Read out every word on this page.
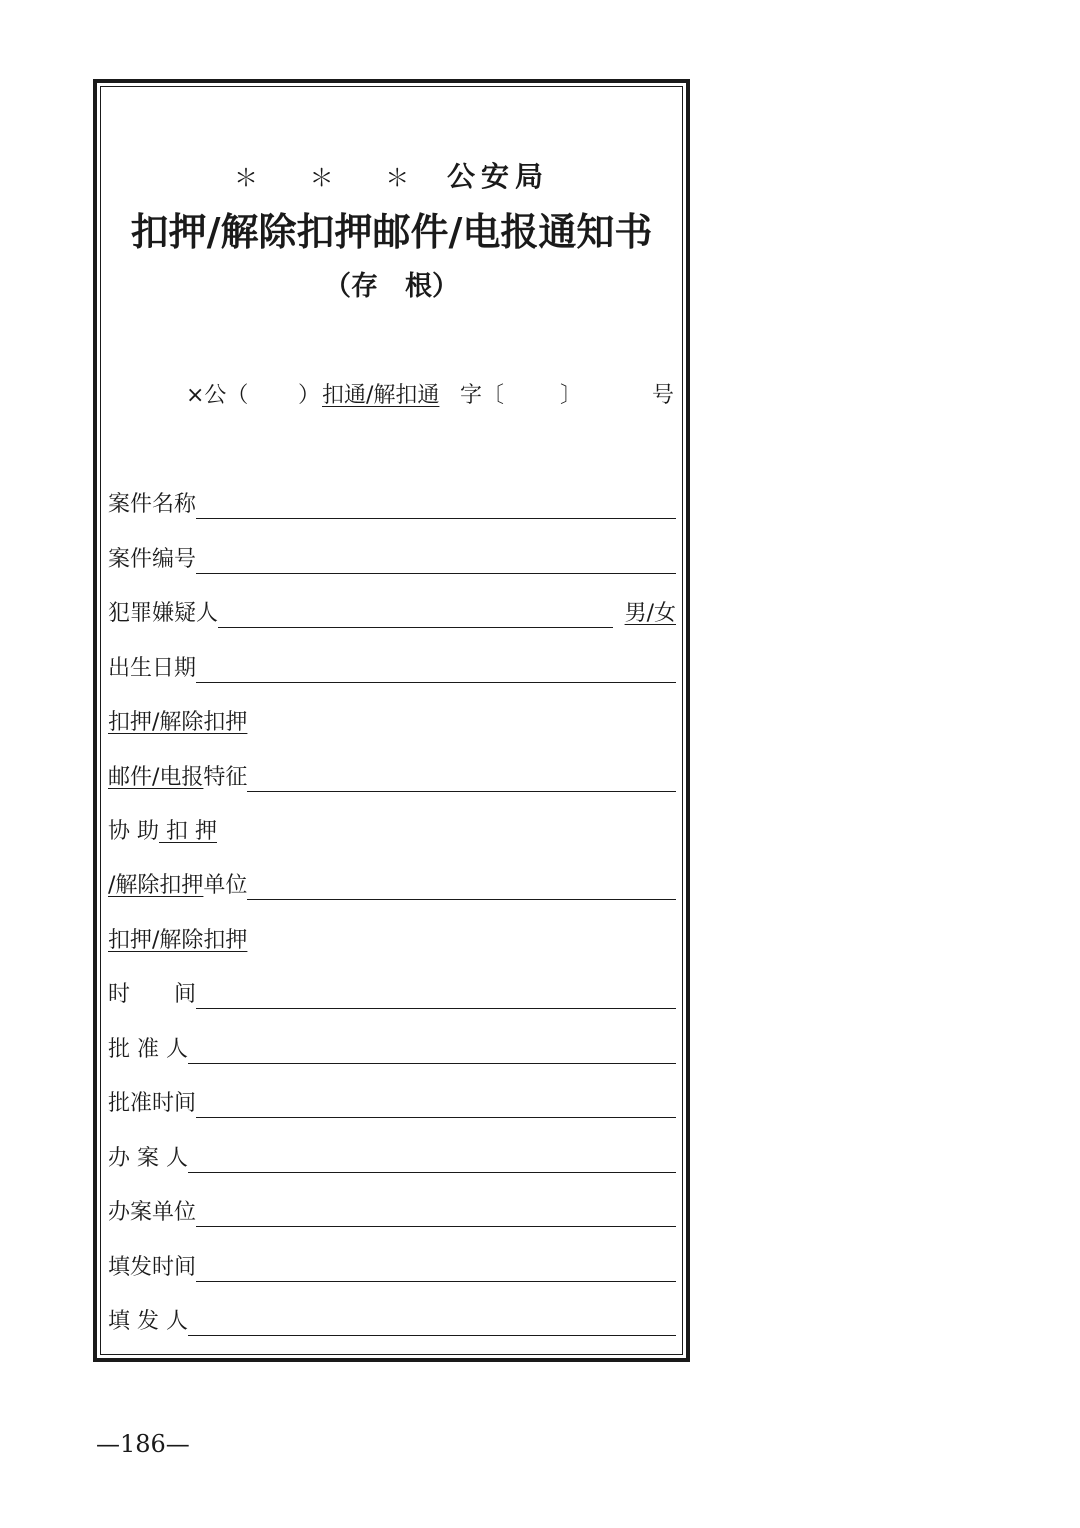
＊ ＊ ＊ 公安局
扣押/解除扣押邮件/电报通知书
（存　根）
×公（ ） 扣通/解扣通 字〔	〕	号
案件名称
案件编号
犯罪嫌疑人	男/女
出生日期
扣押/解除扣押
邮件/电报 特征
协 助 扣 押
/解除扣押 单位
扣押/解除扣押
时　　间
批 准 人
批准时间
办 案 人
办案单位
填发时间
填 发 人
—186—
